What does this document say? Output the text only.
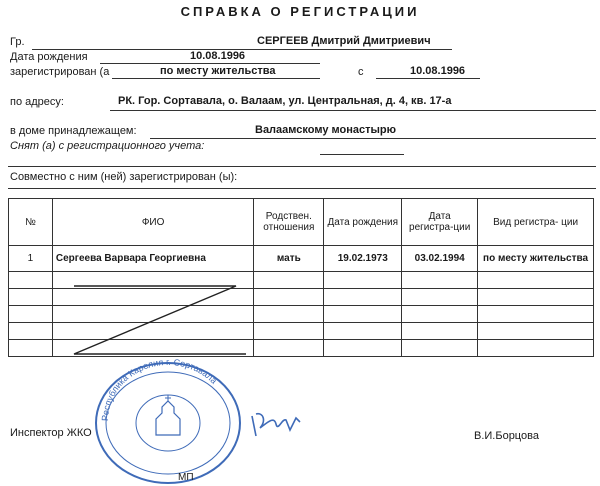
СПРАВКА О РЕГИСТРАЦИИ
Гр.	СЕРГЕЕВ Дмитрий Дмитриевич
Дата рождения	10.08.1996
зарегистрирован (а	по месту жительства	с	10.08.1996
по адресу:	РК. Гор. Сортавала, о. Валаам, ул. Центральная, д. 4, кв. 17-а
в доме принадлежащем:	Валаамскому монастырю
Снят (а) с регистрационного учета:
Совместно с ним (ней) зарегистрирован (ы):
№	ФИО	Родствен. отношения	Дата рождения	Дата регистра-ции	Вид регистра- ции
1	Сергеева Варвара Георгиевна	мать	19.02.1973	03.02.1994	по месту жительства

Республика Карелия г. Сортавала
Инспектор ЖКО	В.И.Борцова
МП
